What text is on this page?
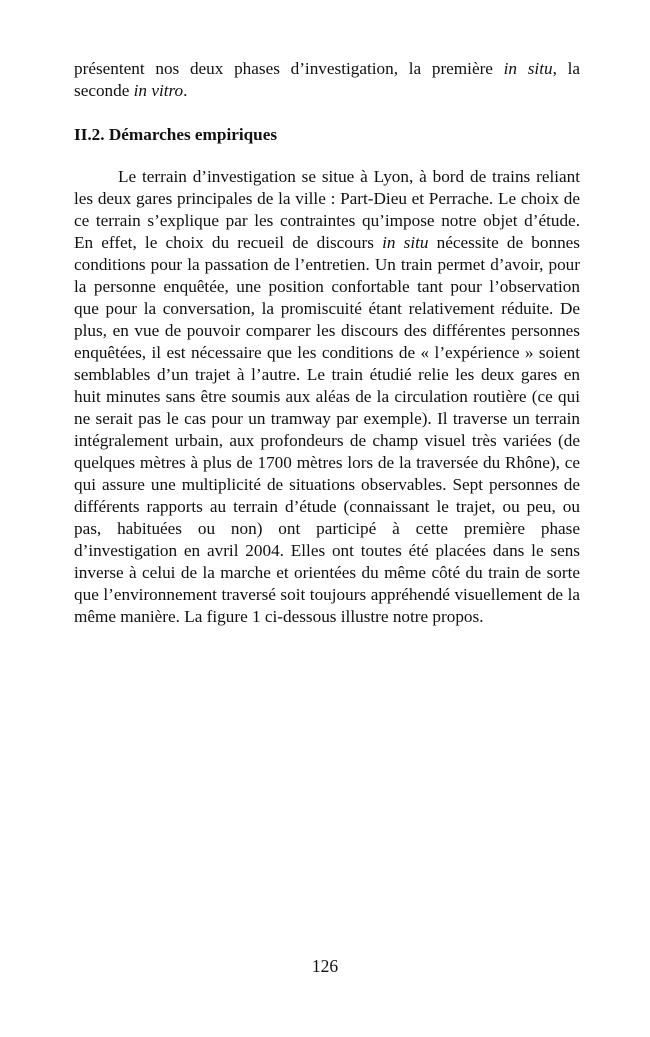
présentent nos deux phases d’investigation, la première in situ, la seconde in vitro.

II.2. Démarches empiriques

Le terrain d’investigation se situe à Lyon, à bord de trains reliant les deux gares principales de la ville : Part-Dieu et Perrache. Le choix de ce terrain s’explique par les contraintes qu’impose notre objet d’étude. En effet, le choix du recueil de discours in situ nécessite de bonnes conditions pour la passation de l’entretien. Un train permet d’avoir, pour la personne enquêtée, une position confortable tant pour l’observation que pour la conversation, la promiscuité étant relativement réduite. De plus, en vue de pouvoir comparer les discours des différentes personnes enquêtées, il est nécessaire que les conditions de « l’expérience » soient semblables d’un trajet à l’autre. Le train étudié relie les deux gares en huit minutes sans être soumis aux aléas de la circulation routière (ce qui ne serait pas le cas pour un tramway par exemple). Il traverse un terrain intégralement urbain, aux profondeurs de champ visuel très variées (de quelques mètres à plus de 1700 mètres lors de la traversée du Rhône), ce qui assure une multiplicité de situations observables. Sept personnes de différents rapports au terrain d’étude (connaissant le trajet, ou peu, ou pas, habituées ou non) ont participé à cette première phase d’investigation en avril 2004. Elles ont toutes été placées dans le sens inverse à celui de la marche et orientées du même côté du train de sorte que l’environnement traversé soit toujours appréhendé visuellement de la même manière. La figure 1 ci-dessous illustre notre propos.

126
